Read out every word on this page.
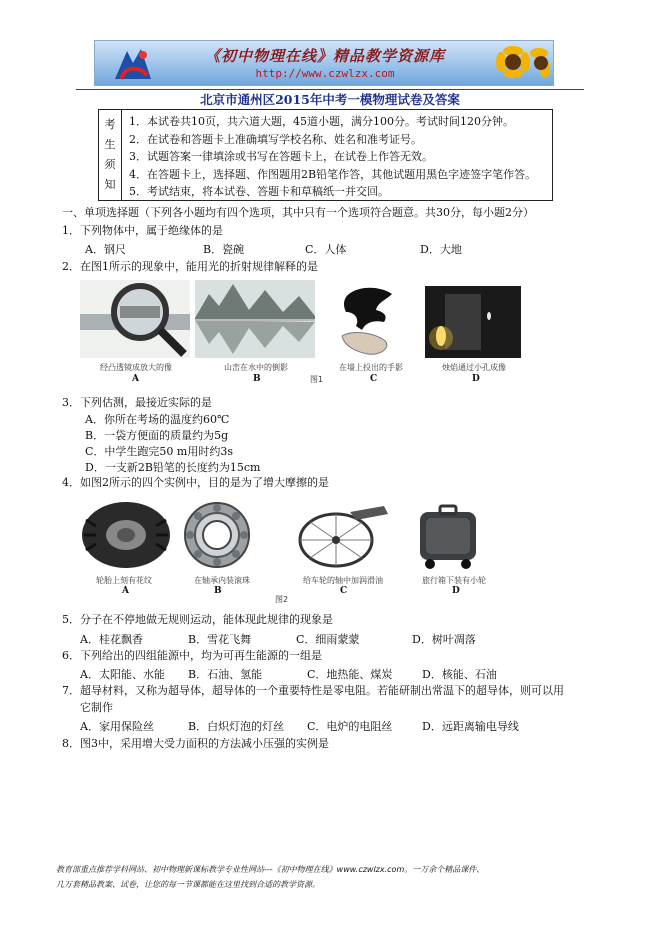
《初中物理在线》精品教学资源库
http://www.czwlzx.com
北京市通州区2015年中考一模物理试卷及答案
考
生
须
知
1．本试卷共10页，共六道大题，45道小题，满分100分。考试时间120分钟。
2．在试卷和答题卡上准确填写学校名称、姓名和准考证号。
3．试题答案一律填涂或书写在答题卡上，在试卷上作答无效。
4．在答题卡上，选择题、作图题用2B铅笔作答，其他试题用黑色字迹签字笔作答。
5．考试结束，将本试卷、答题卡和草稿纸一并交回。
一、单项选择题（下列各小题均有四个选项，其中只有一个选项符合题意。共30分，每小题2分）
1．下列物体中，属于绝缘体的是
A．钢尺	B．瓷碗	C．人体	D．大地
2．在图1所示的现象中，能用光的折射规律解释的是
经凸透镜成放大的像	山峦在水中的倒影	在墙上投出的手影	烛焰通过小孔成像
A	B	图1	C	D
3．下列估测，最接近实际的是
A．你所在考场的温度约60℃
B．一袋方便面的质量约为5g
C．中学生跑完50 m用时约3s
D．一支新2B铅笔的长度约为15cm
4．如图2所示的四个实例中，目的是为了增大摩擦的是
轮胎上刻有花纹	在轴承内装滚珠	给车轮的轴中加润滑油	旅行箱下装有小轮
A	B
图2
C	D
5．分子在不停地做无规则运动，能体现此规律的现象是
A．桂花飘香	B．雪花飞舞	C．细雨蒙蒙	D．树叶凋落
6．下列给出的四组能源中，均为可再生能源的一组是
A．太阳能、水能 B．石油、氢能	C．地热能、煤炭	D．核能、石油
7．超导材料，又称为超导体，超导体的一个重要特性是零电阻。若能研制出常温下的超导体，则可以用
它制作
A．家用保险丝	B．白炽灯泡的灯丝 C．电炉的电阻丝	D．远距离输电导线
8．图3中，采用增大受力面积的方法减小压强的实例是
教育部重点推荐学科网站、初中物理新课标教学专业性网站---《初中物理在线》www.czwlzx.com。一万余个精品课件、
几万套精品教案、试卷，让您的每一节课都能在这里找到合适的教学资源。
